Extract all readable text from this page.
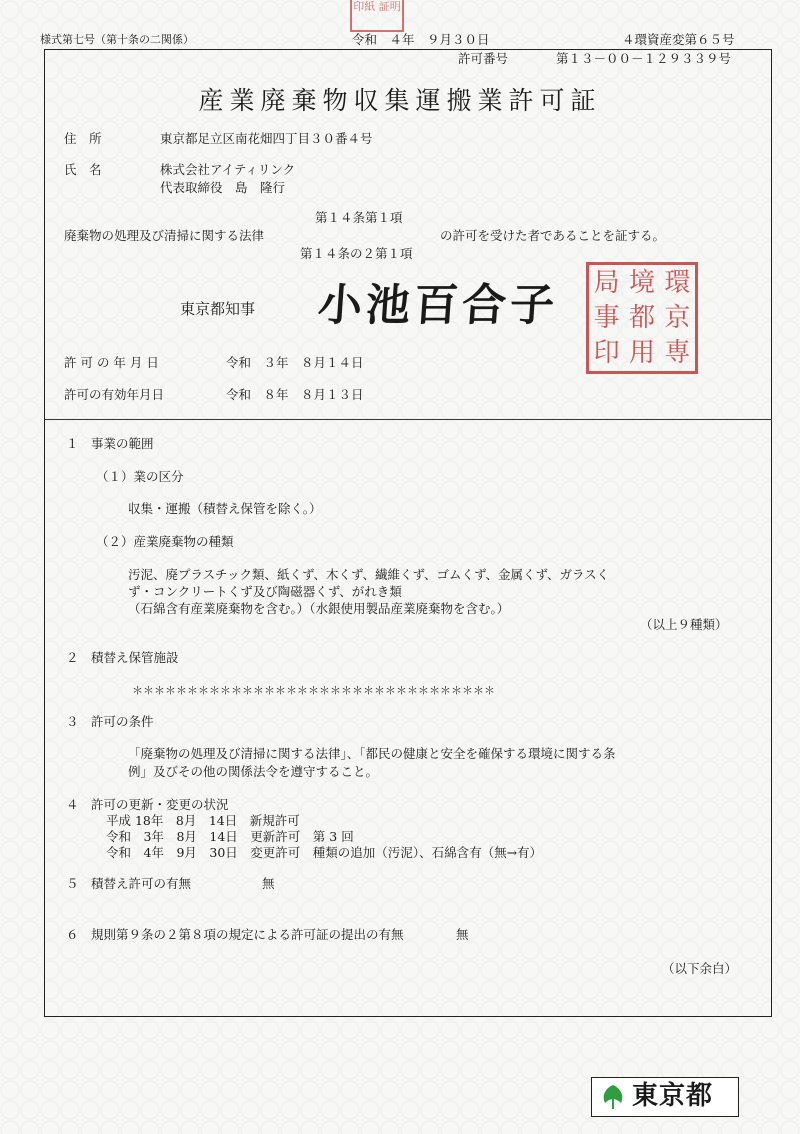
印紙 証明
様式第七号（第十条の二関係）	令和　４年　９月３０日	４環資産変第６５号
許可番号	第１３－００－１２９３３９号
産業廃棄物収集運搬業許可証
住　所	東京都足立区南花畑四丁目３０番４号
氏　名	株式会社アイティリンク
代表取締役　島　隆行
第１４条第１項
廃棄物の処理及び清掃に関する法律	の許可を受けた者であることを証する。
第１４条の２第１項
東京都知事 小池百合子 局 境 環
事 都 京
印 用 専
許 可 の 年 月 日	令和　３年　８月１４日
許可の有効年月日	令和　８年　８月１３日
１　事業の範囲
（１）業の区分
収集・運搬（積替え保管を除く。）
（２）産業廃棄物の種類
汚泥、廃プラスチック類、紙くず、木くず、繊維くず、ゴムくず、金属くず、ガラスく
ず・コンクリートくず及び陶磁器くず、がれき類
（石綿含有産業廃棄物を含む。）（水銀使用製品産業廃棄物を含む。）
（以上９種類）
２　積替え保管施設
＊＊＊＊＊＊＊＊＊＊＊＊＊＊＊＊＊＊＊＊＊＊＊＊＊＊＊＊＊＊＊＊＊
３　許可の条件
「廃棄物の処理及び清掃に関する法律」、「都民の健康と安全を確保する環境に関する条
例」及びその他の関係法令を遵守すること。
４　許可の更新・変更の状況
平成 18年　8月　14日　新規許可
令和　3年　8月　14日　更新許可　第 3 回
令和　4年　9月　30日　変更許可　種類の追加（汚泥）、石綿含有（無→有）
５　積替え許可の有無	無
６　規則第９条の２第８項の規定による許可証の提出の有無	無
（以下余白）
東京都
